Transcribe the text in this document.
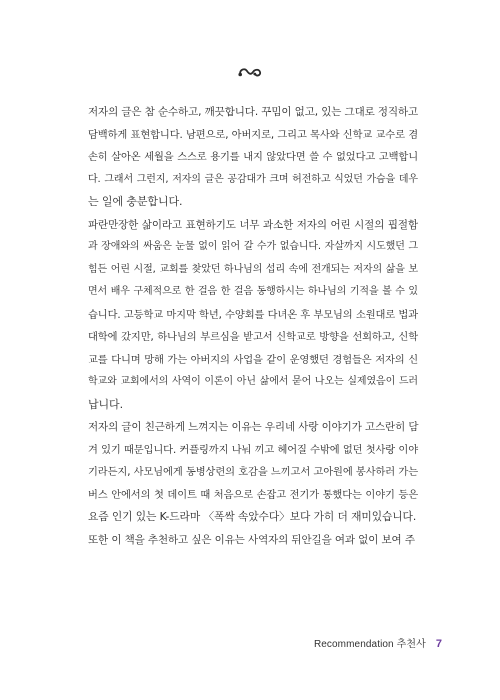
저자의 글은 참 순수하고, 깨끗합니다. 꾸밈이 없고, 있는 그대로 정직하고
담백하게 표현합니다. 남편으로, 아버지로, 그리고 목사와 신학교 교수로 겸
손히 살아온 세월을 스스로 용기를 내지 않았다면 쓸 수 없었다고 고백합니
다. 그래서 그런지, 저자의 글은 공감대가 크며 허전하고 식었던 가슴을 데우
는 일에 충분합니다.

파란만장한 삶이라고 표현하기도 너무 과소한 저자의 어린 시절의 핍절함
과 장애와의 싸움은 눈물 없이 읽어 갈 수가 없습니다. 자살까지 시도했던 그
힘든 어린 시절, 교회를 찾았던 하나님의 섭리 속에 전개되는 저자의 삶을 보
면서 배우 구체적으로 한 걸음 한 걸음 동행하시는 하나님의 기적을 볼 수 있
습니다. 고등학교 마지막 학년, 수양회를 다녀온 후 부모님의 소원대로 법과
대학에 갔지만, 하나님의 부르심을 받고서 신학교로 방향을 선회하고, 신학
교를 다니며 망해 가는 아버지의 사업을 같이 운영했던 경험들은 저자의 신
학교와 교회에서의 사역이 이론이 아닌 삶에서 묻어 나오는 실제였음이 드러
납니다.

저자의 글이 친근하게 느껴지는 이유는 우리네 사랑 이야기가 고스란히 담
겨 있기 때문입니다. 커플링까지 나눠 끼고 헤어질 수밖에 없던 첫사랑 이야
기라든지, 사모님에게 동병상련의 호감을 느끼고서 고아원에 봉사하러 가는
버스 안에서의 첫 데이트 때 처음으로 손잡고 전기가 통했다는 이야기 등은
요즘 인기 있는 K-드라마 〈폭싹 속았수다〉보다 가히 더 재미있습니다.

또한 이 책을 추천하고 싶은 이유는 사역자의 뒤안길을 여과 없이 보여 주

Recommendation 추천사 7
